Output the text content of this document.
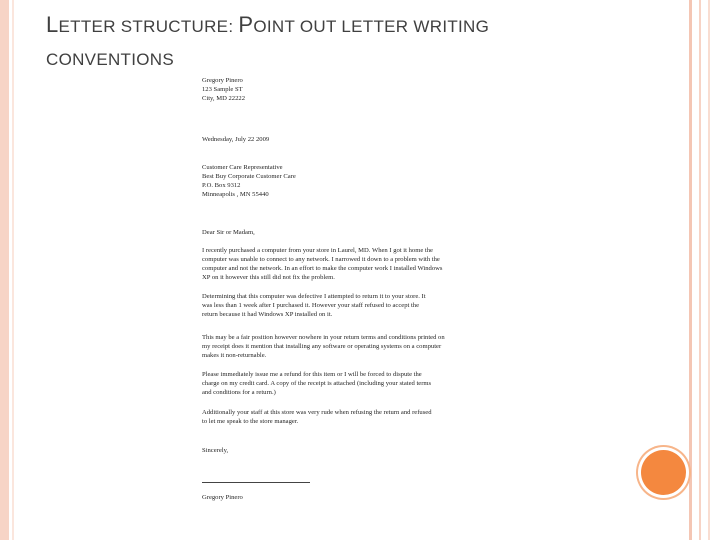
LETTER STRUCTURE: POINT OUT LETTER WRITING
CONVENTIONS

Gregory Pinero

123 Sample ST

City, MD 22222

Wednesday, July 22 2009

Customer Care Representative

Best Buy Corporate Customer Care

P.O. Box 9312

Minneapolis , MN 55440

Dear Sir or Madam,

I recently purchased a computer from your store in Laurel, MD. When I got it home the

computer was unable to connect to any network. I narrowed it down to a problem with the

computer and not the network. In an effort to make the computer work I installed Windows

XP on it however this still did not fix the problem.

Determining that this computer was defective I attempted to return it to your store. It

was less than 1 week after I purchased it. However your staff refused to accept the

return because it had Windows XP installed on it.

This may be a fair position however nowhere in your return terms and conditions printed on

my receipt does it mention that installing any software or operating systems on a computer

makes it non-returnable.

Please immediately issue me a refund for this item or I will be forced to dispute the

charge on my credit card. A copy of the receipt is attached (including your stated terms

and conditions for a return.)

Additionally your staff at this store was very rude when refusing the return and refused

to let me speak to the store manager.

Sincerely,

Gregory Pinero
